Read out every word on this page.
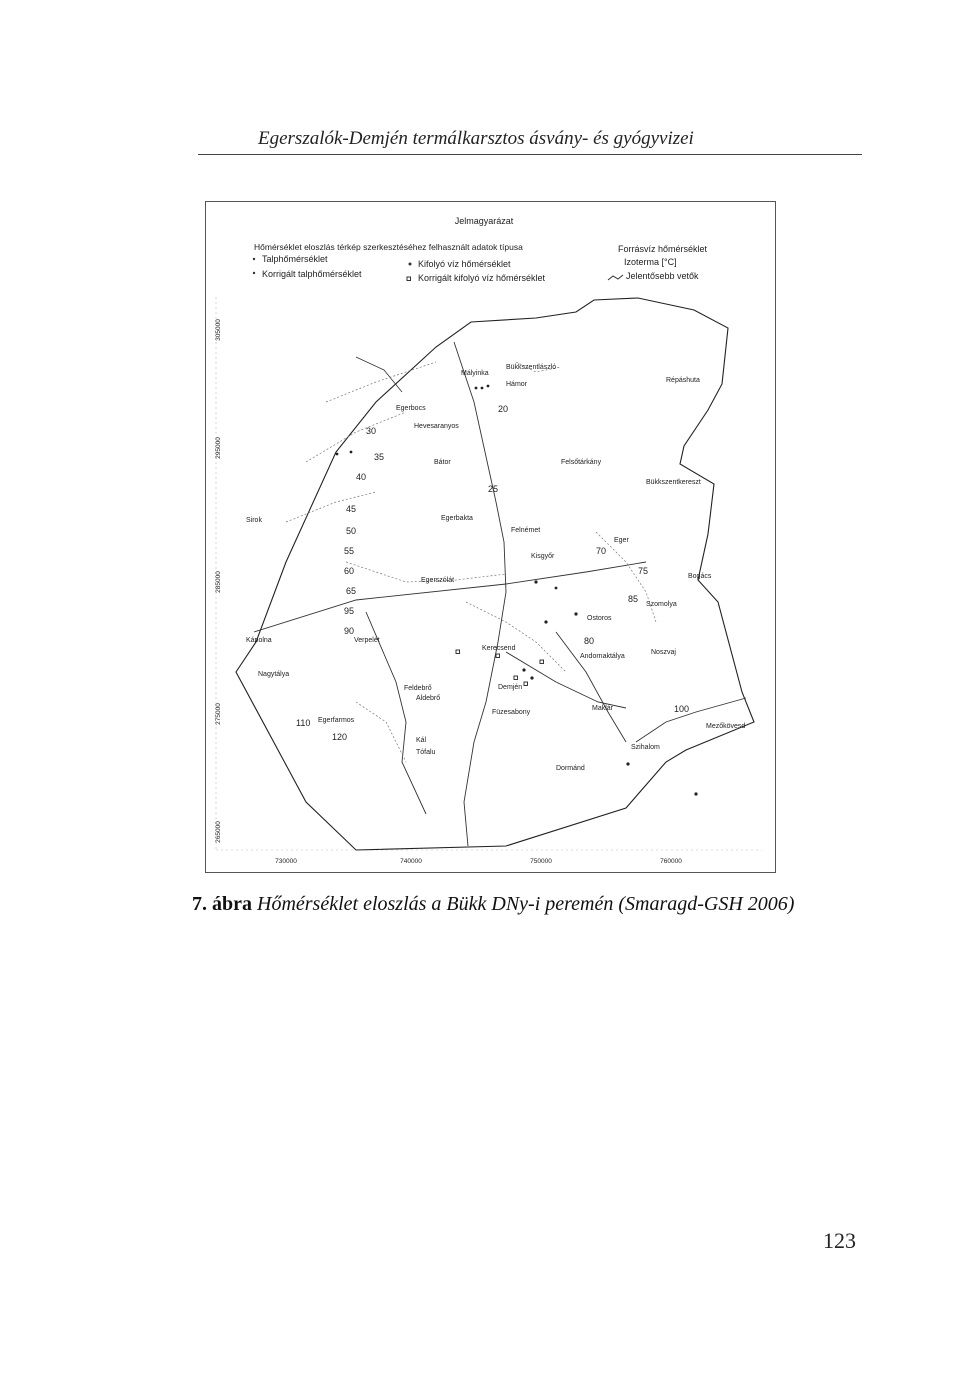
Egerszalók-Demjén termálkarsztos ásvány- és gyógyvizei
Jelmagyarázat
Hőmérséklet eloszlás térkép szerkesztéséhez felhasznált adatok típusa	Forrásvíz hőmérséklet
Talphőmérséklet	Kifolyó víz hőmérséklet	Izoterma [°C]
Korrigált talphőmérséklet	Korrigált kifolyó víz hőmérséklet	Jelentősebb vetők
305000
295000
285000
275000
265000
730000	740000	750000	760000
Mályinka
Bükkszentlászló
Hámor
Répáshuta
Egerbocs
Hevesaranyos
Bátor	Felsőtárkány
Bükkszentkereszt
Egerbakta
Felnémet
Kisgyőr
Sirok
Eger
Bogács
Egerszólát
Ostoros
Szomolya
Kerecsend
Andornaktálya
Noszvaj
Verpelét
Demjén
Mezőkövesd
Kál
Maklár
Szihalom
Kápolna
Füzesabony
Nagytálya
Egerfarmos
Dormánd
Tófalu
Feldebrő
Aldebrő
20
25
30
35
40
45
50
55
60
65
70
75
80
85
90
95
100
110
120
7. ábra Hőmérséklet eloszlás a Bükk DNy-i peremén (Smaragd-GSH 2006)
123
